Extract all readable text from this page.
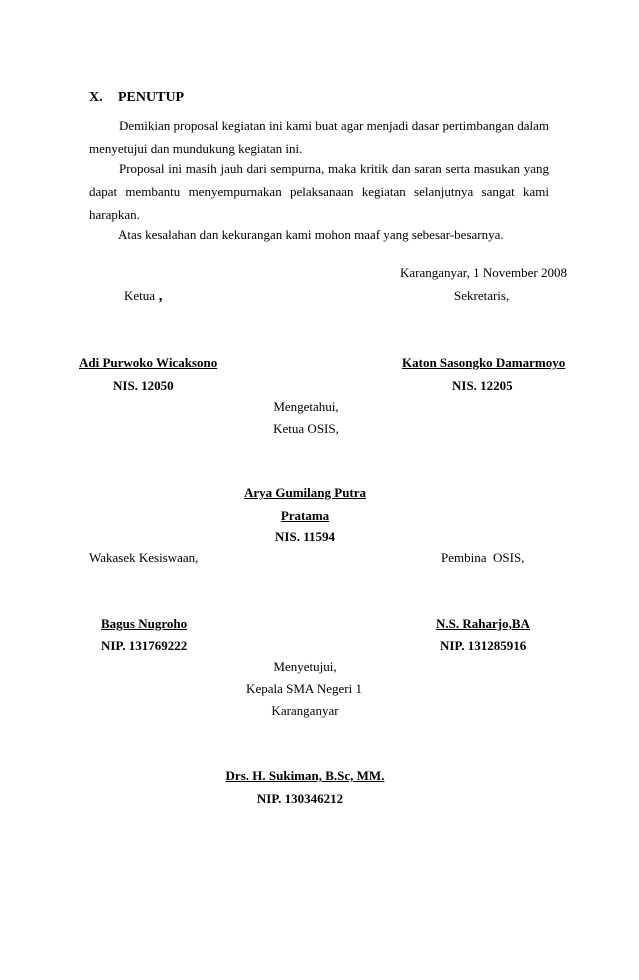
X. PENUTUP

Demikian proposal kegiatan ini kami buat agar menjadi dasar pertimbangan dalam menyetujui dan mundukung kegiatan ini.

Proposal ini masih jauh dari sempurna, maka kritik dan saran serta masukan yang dapat membantu menyempurnakan pelaksanaan kegiatan selanjutnya sangat kami harapkan.

Atas kesalahan dan kekurangan kami mohon maaf yang sebesar-besarnya.

Karanganyar, 1 November 2008
Ketua ,	Sekretaris,
Adi Purwoko Wicaksono
NIS. 12050
Katon Sasongko Damarmoyo
NIS. 12205
Mengetahui,
Ketua OSIS,
Arya Gumilang Putra
Pratama
NIS. 11594
Wakasek Kesiswaan,	Pembina  OSIS,
Bagus Nugroho
NIP. 131769222
N.S. Raharjo,BA
NIP. 131285916
Menyetujui,
Kepala SMA Negeri 1
Karanganyar
Drs. H. Sukiman, B.Sc, MM.
NIP. 130346212
